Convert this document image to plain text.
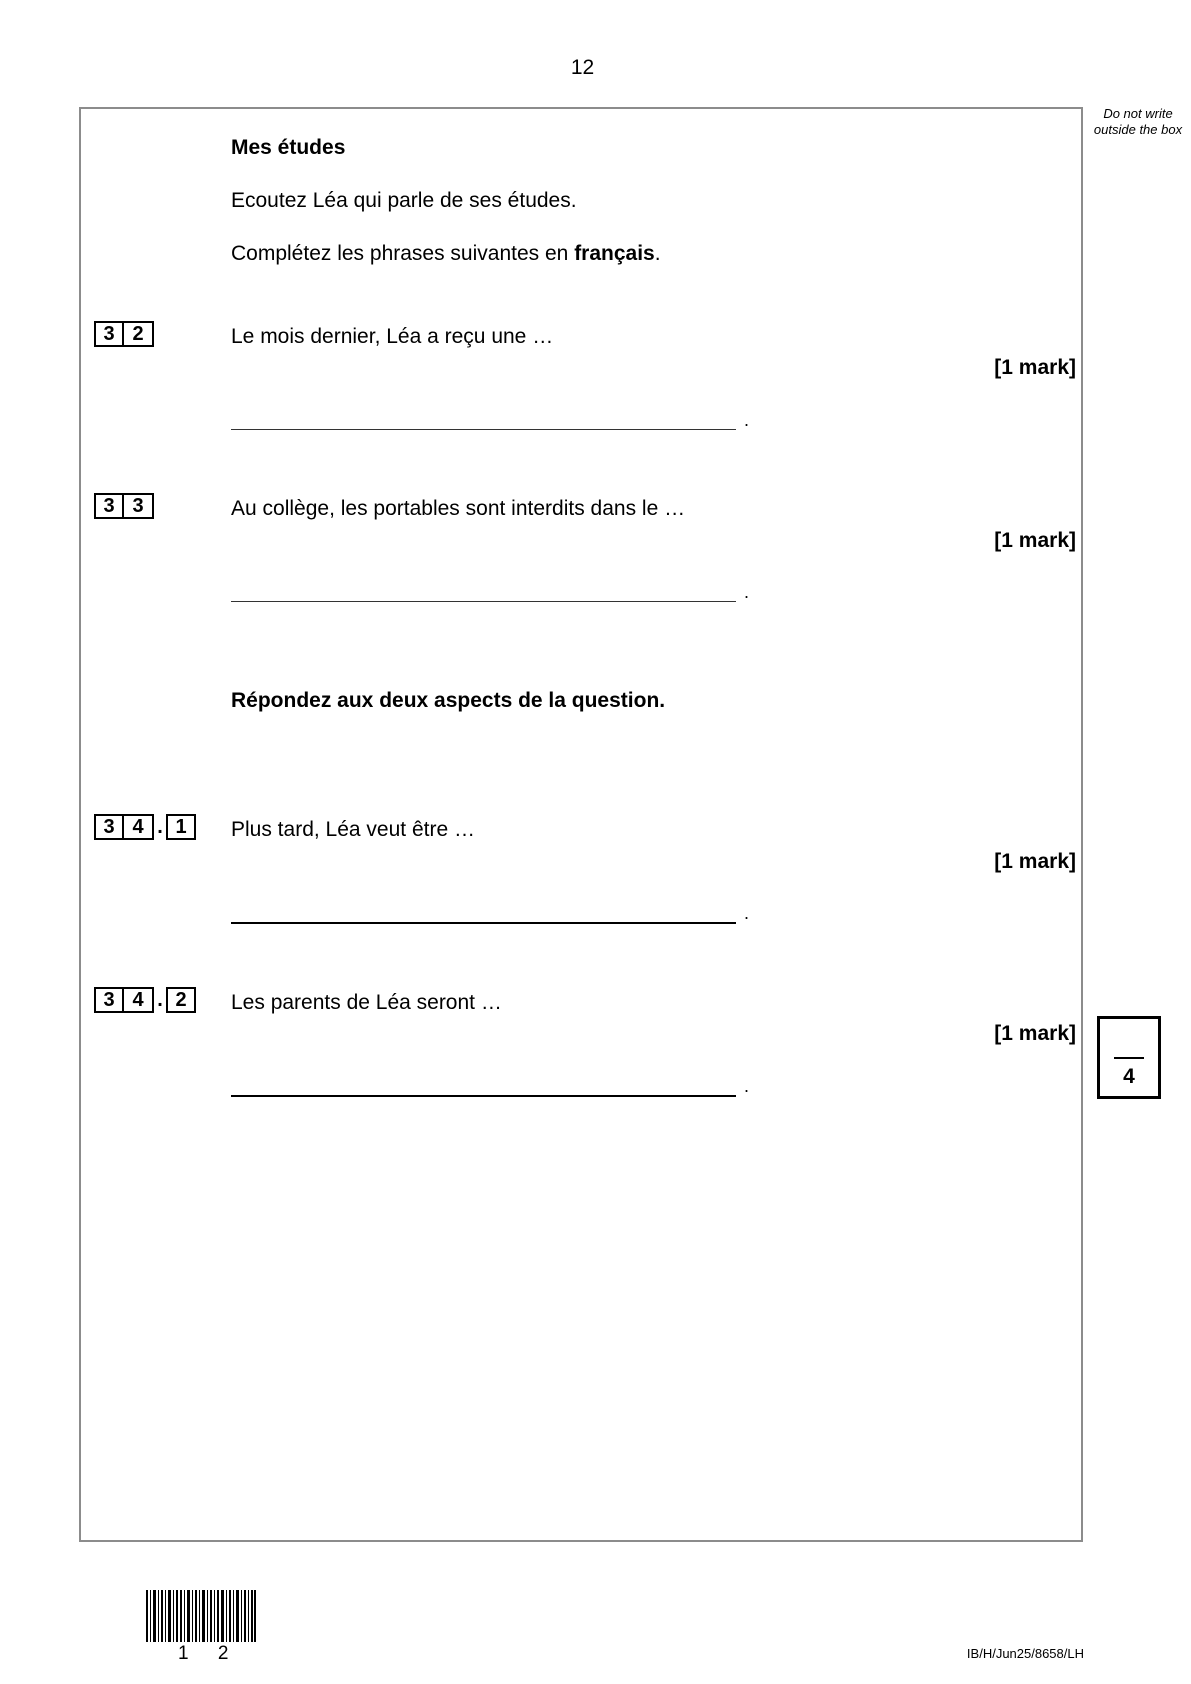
12
Do not write outside the box
Mes études
Ecoutez Léa qui parle de ses études.
Complétez les phrases suivantes en français.
3 2	Le mois dernier, Léa a reçu une …
[1 mark]
.
3 3	Au collège, les portables sont interdits dans le …
[1 mark]
.
Répondez aux deux aspects de la question.
3 4 . 1	Plus tard, Léa veut être …
[1 mark]
.
3 4 . 2	Les parents de Léa seront …
[1 mark]
.	4
1 2	IB/H/Jun25/8658/LH
